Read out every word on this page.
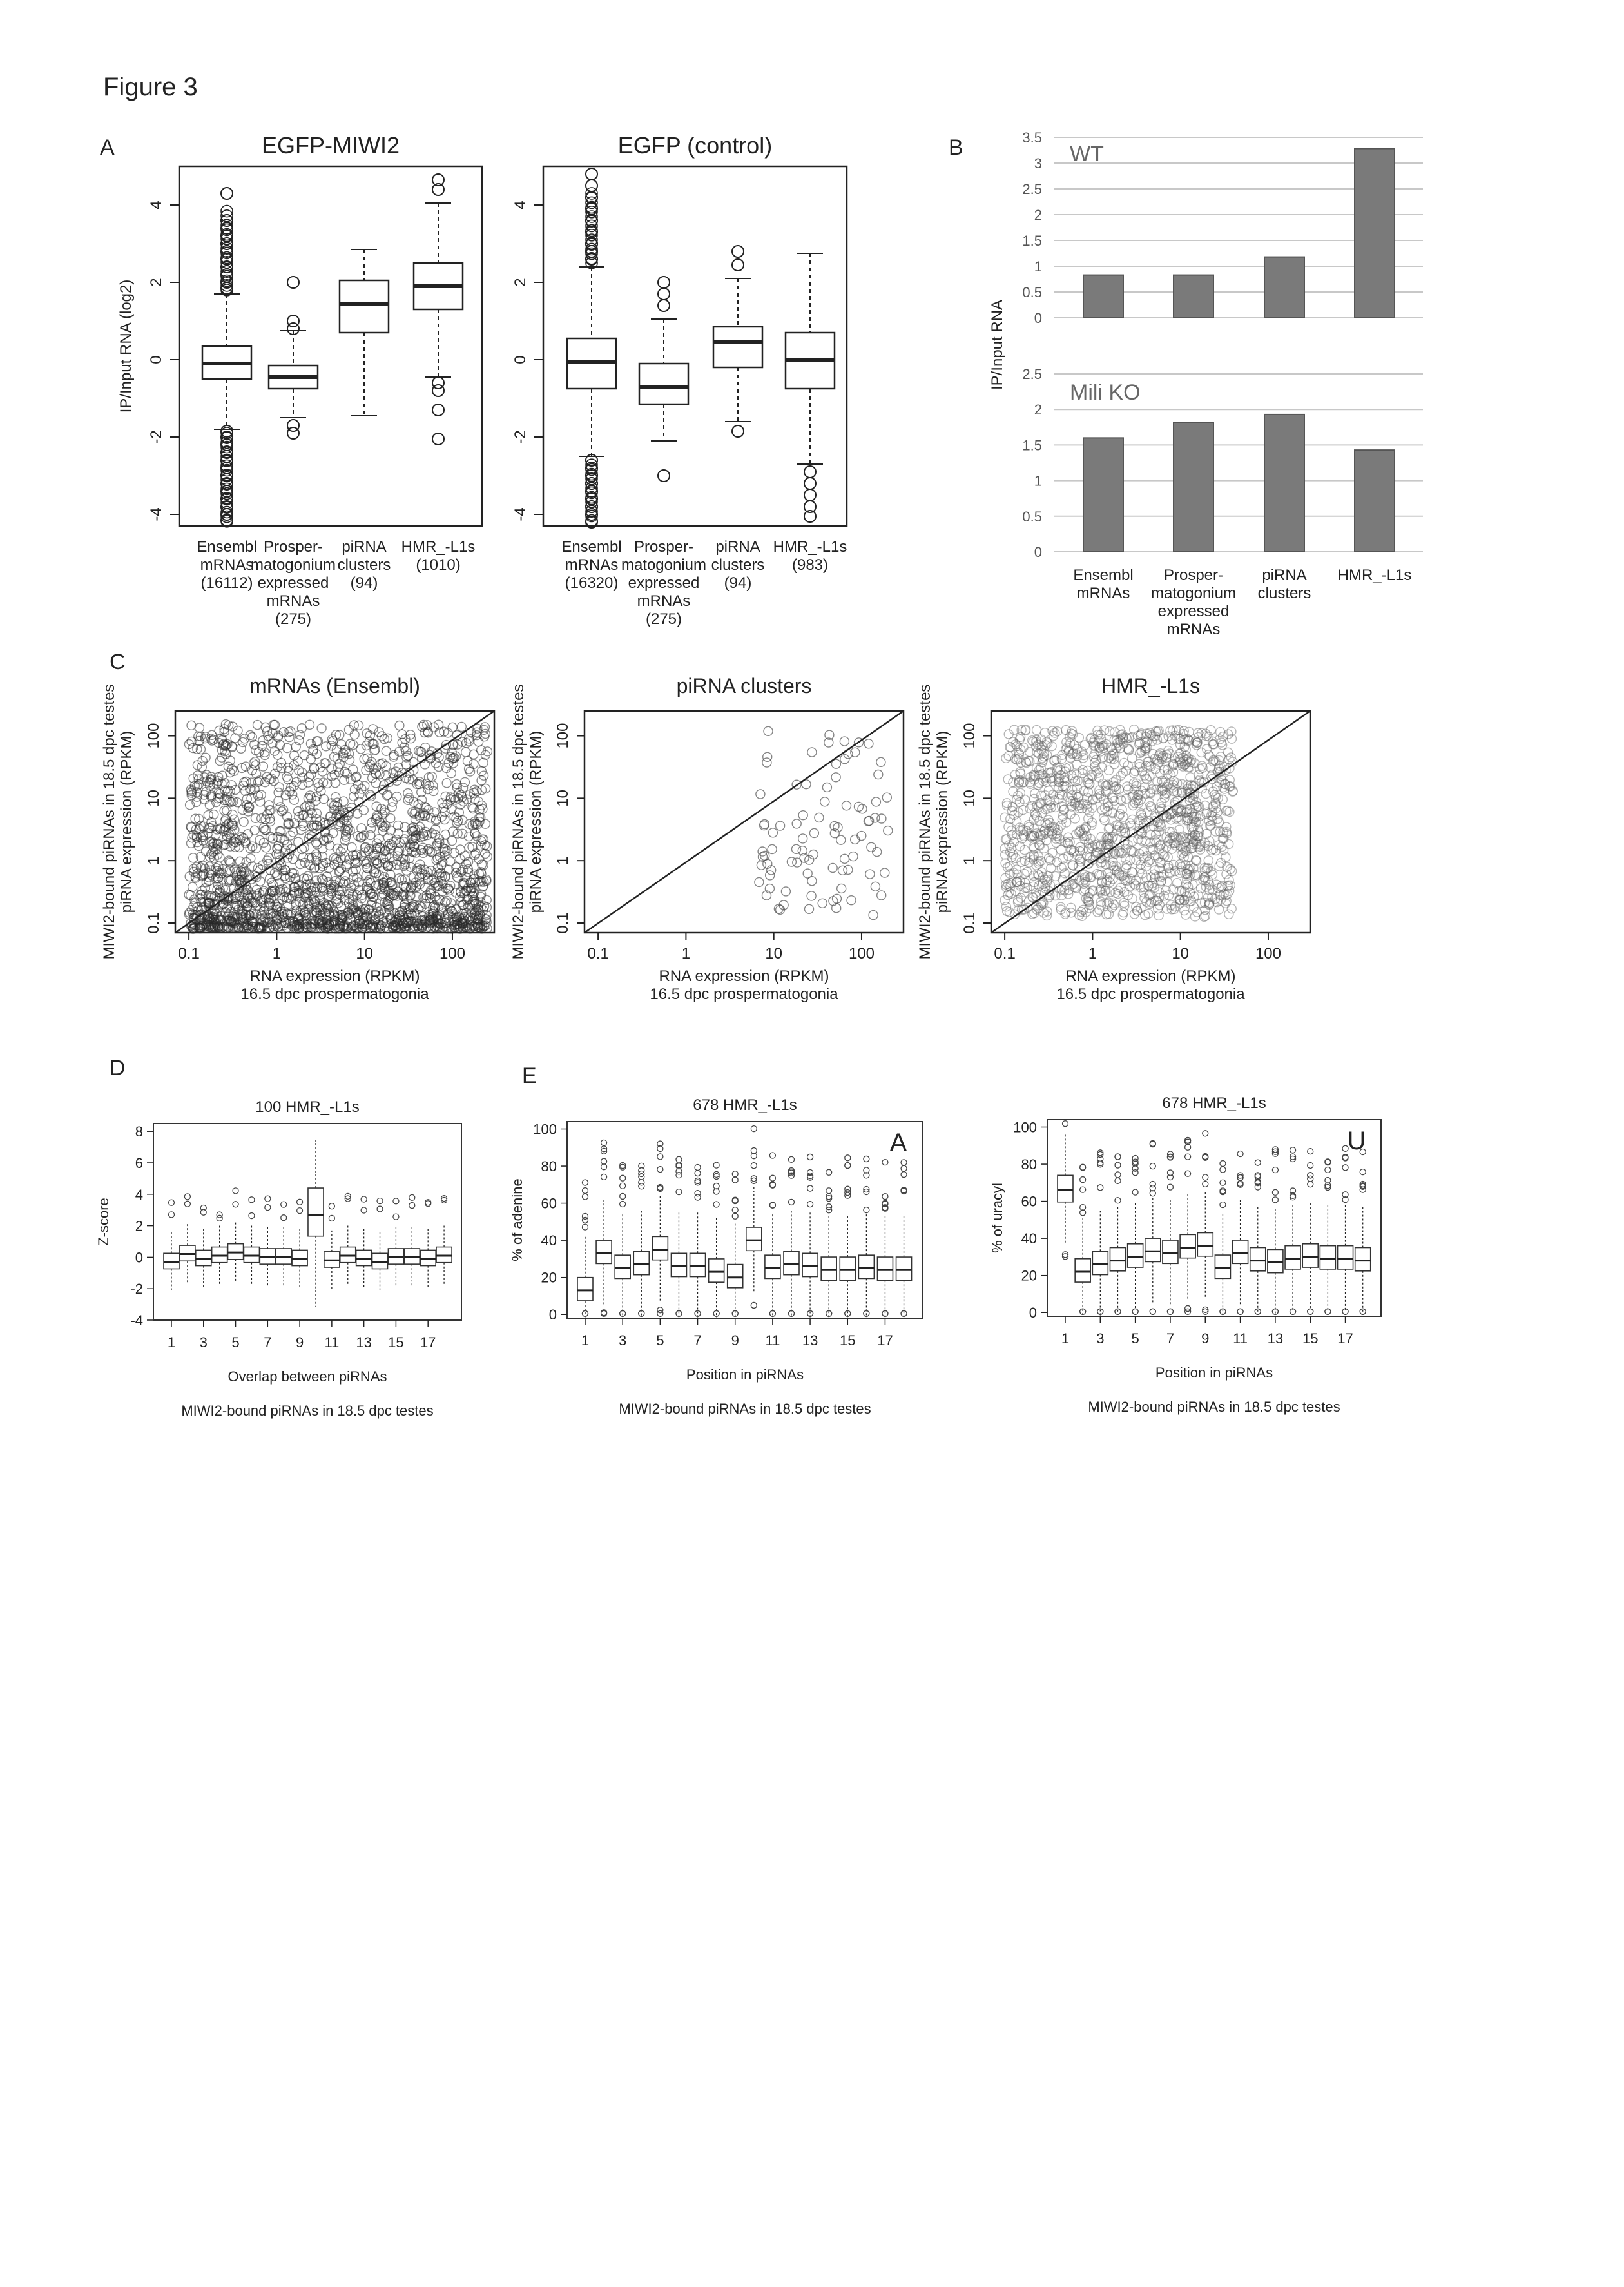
Figure 3
A	B
C
D	E
EGFP-MIWI2
4
2
0
-2
-4
IP/Input RNA (log2)
Ensembl
mRNAs
(16112)
Prosper-
matogonium
expressed
mRNAs
(275)
piRNA
clusters
(94)
HMR_-L1s
(1010)
EGFP (control)
4
2
0
-2
-4
Ensembl
mRNAs
(16320)
Prosper-
matogonium
expressed
mRNAs
(275)
piRNA
clusters
(94)
HMR_-L1s
(983)
0
0.5
1
1.5
2
2.5
3
3.5
WT
0
0.5
1
1.5
2
2.5
Mili KO
IP/Input RNA
Ensembl
mRNAs
Prosper-
matogonium
expressed
mRNAs
piRNA
clusters
HMR_-L1s
mRNAs (Ensembl)
0.1	1	10	100
0.1
1
10
100
RNA expression (RPKM)
16.5 dpc prospermatogonia
MIWI2-bound piRNAs in 18.5 dpc testes piRNA expression (RPKM)
piRNA clusters
0.1	1	10	100
0.1
1
10
100
RNA expression (RPKM)
16.5 dpc prospermatogonia
MIWI2-bound piRNAs in 18.5 dpc testes piRNA expression (RPKM)
HMR_-L1s
0.1	1	10	100
0.1
1
10
100
RNA expression (RPKM)
16.5 dpc prospermatogonia
MIWI2-bound piRNAs in 18.5 dpc testes piRNA expression (RPKM)
100 HMR_-L1s
8
6
4
2
0
-2
-4
Z-score
1 3 5 7 9 11 13 15 17
Overlap between piRNAs
MIWI2-bound piRNAs in 18.5 dpc testes
678 HMR_-L1s
A
100
80
60
40
20
0
% of adenine
1 3 5 7 9 11 13 15 17
Position in piRNAs
MIWI2-bound piRNAs in 18.5 dpc testes
678 HMR_-L1s
U
100
80
60
40
20
0
% of uracyl
1 3 5 7 9 11 13 15 17
Position in piRNAs
MIWI2-bound piRNAs in 18.5 dpc testes
